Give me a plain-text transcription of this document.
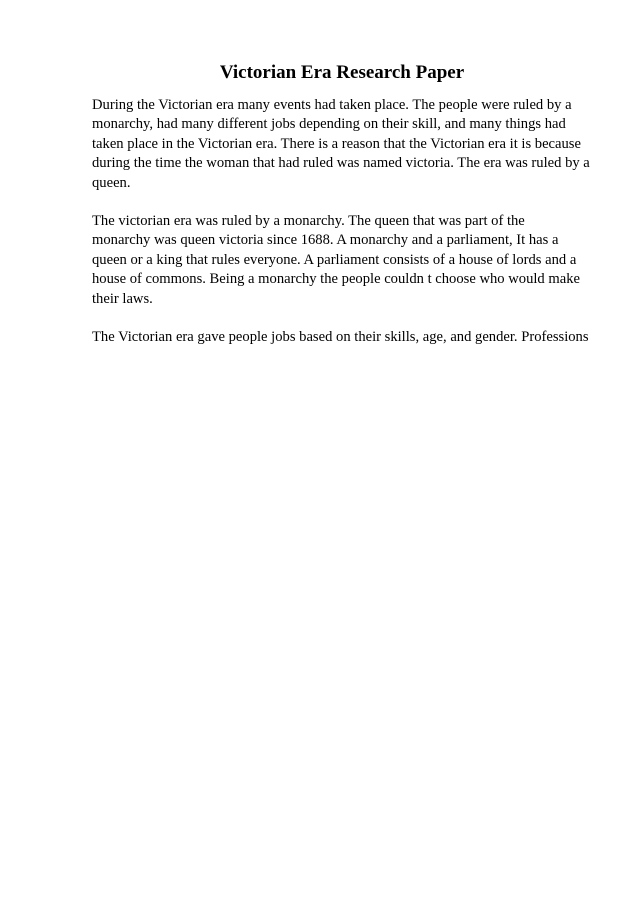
Victorian Era Research Paper
During the Victorian era many events had taken place. The people were ruled by a
monarchy, had many different jobs depending on their skill, and many things had
taken place in the Victorian era. There is a reason that the Victorian era it is because
during the time the woman that had ruled was named victoria. The era was ruled by a
queen.
The victorian era was ruled by a monarchy. The queen that was part of the
monarchy was queen victoria since 1688. A monarchy and a parliament, It has a
queen or a king that rules everyone. A parliament consists of a house of lords and a
house of commons. Being a monarchy the people couldn t choose who would make
their laws.
The Victorian era gave people jobs based on their skills, age, and gender. Professions
